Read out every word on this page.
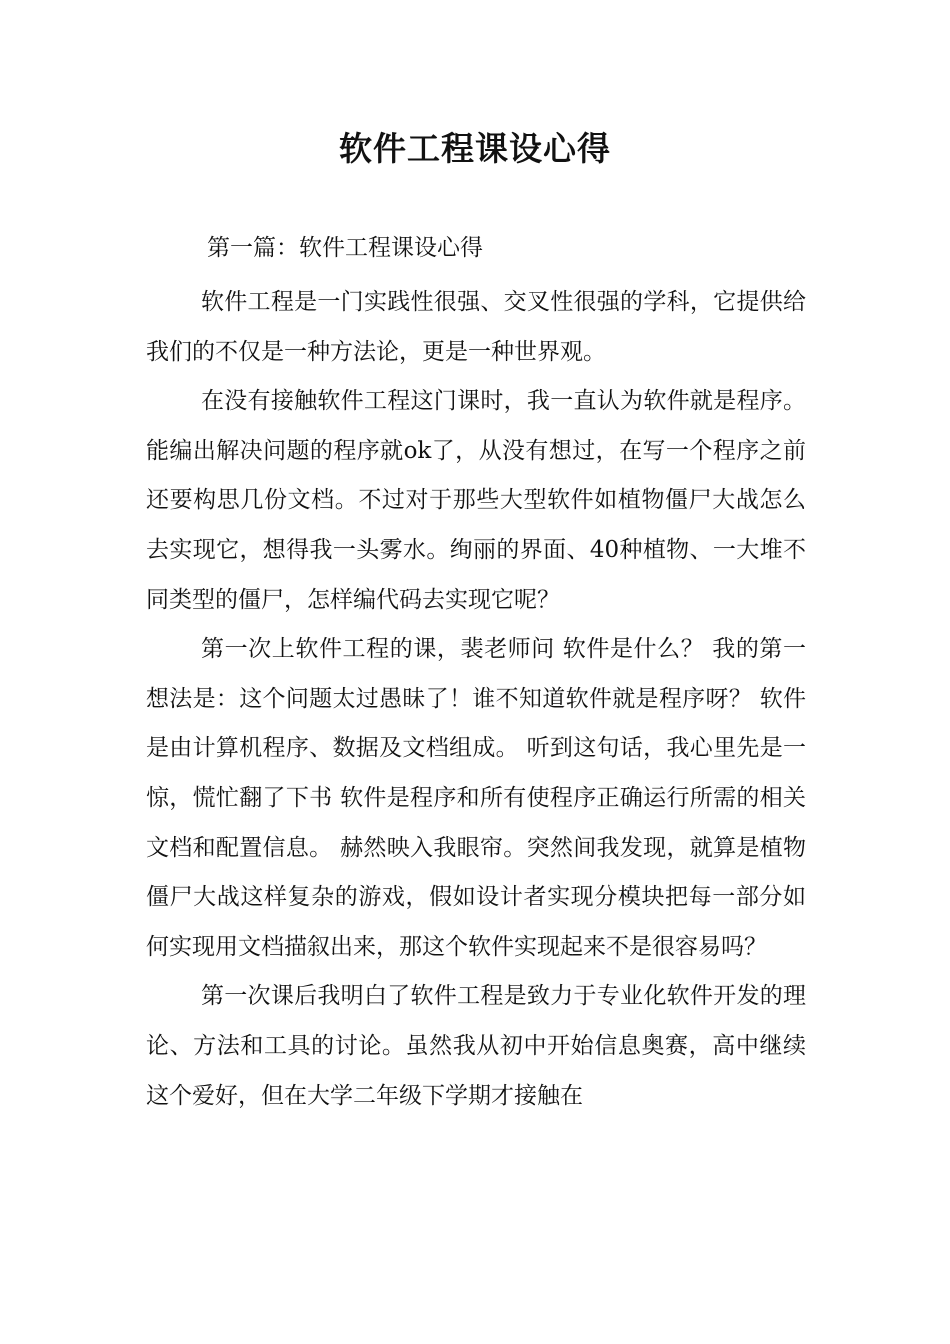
软件工程课设心得
第一篇：软件工程课设心得

软件工程是一门实践性很强、交叉性很强的学科，它提供给我们的不仅是一种方法论，更是一种世界观。

在没有接触软件工程这门课时，我一直认为软件就是程序。能编出解决问题的程序就ok了，从没有想过，在写一个程序之前还要构思几份文档。不过对于那些大型软件如植物僵尸大战怎么去实现它，想得我一头雾水。绚丽的界面、40种植物、一大堆不同类型的僵尸，怎样编代码去实现它呢？

第一次上软件工程的课，裴老师问 软件是什么？ 我的第一想法是：这个问题太过愚昧了！谁不知道软件就是程序呀？ 软件是由计算机程序、数据及文档组成。 听到这句话，我心里先是一惊，慌忙翻了下书 软件是程序和所有使程序正确运行所需的相关文档和配置信息。 赫然映入我眼帘。突然间我发现，就算是植物僵尸大战这样复杂的游戏，假如设计者实现分模块把每一部分如何实现用文档描叙出来，那这个软件实现起来不是很容易吗？

第一次课后我明白了软件工程是致力于专业化软件开发的理论、方法和工具的讨论。虽然我从初中开始信息奥赛，高中继续这个爱好，但在大学二年级下学期才接触在
